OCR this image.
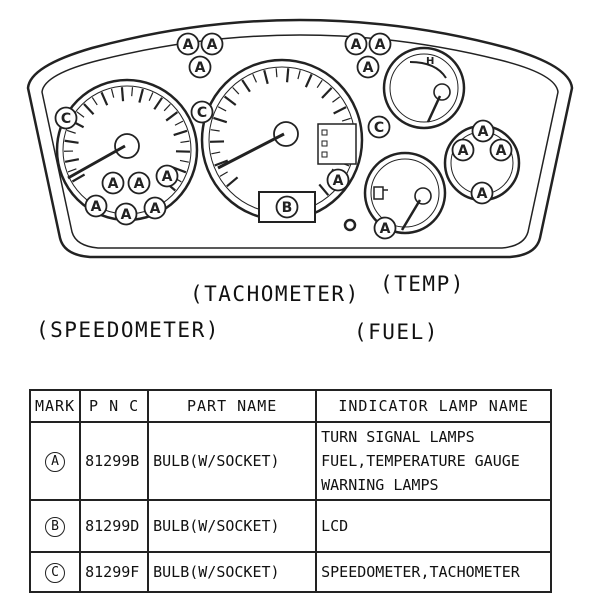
H
A A
A
A A
A
A
A
A
A A A
A
A
A
A A
A
B
C	C
C
(TACHOMETER) (TEMP)
(SPEEDOMETER)	(FUEL)
MARK	P N C	PART NAME	INDICATOR LAMP NAME
A	81299B	BULB(W/SOCKET)	TURN SIGNAL LAMPS
FUEL,TEMPERATURE GAUGE
WARNING LAMPS

B	81299D	BULB(W/SOCKET)	LCD

C	81299F	BULB(W/SOCKET)	SPEEDOMETER,TACHOMETER
